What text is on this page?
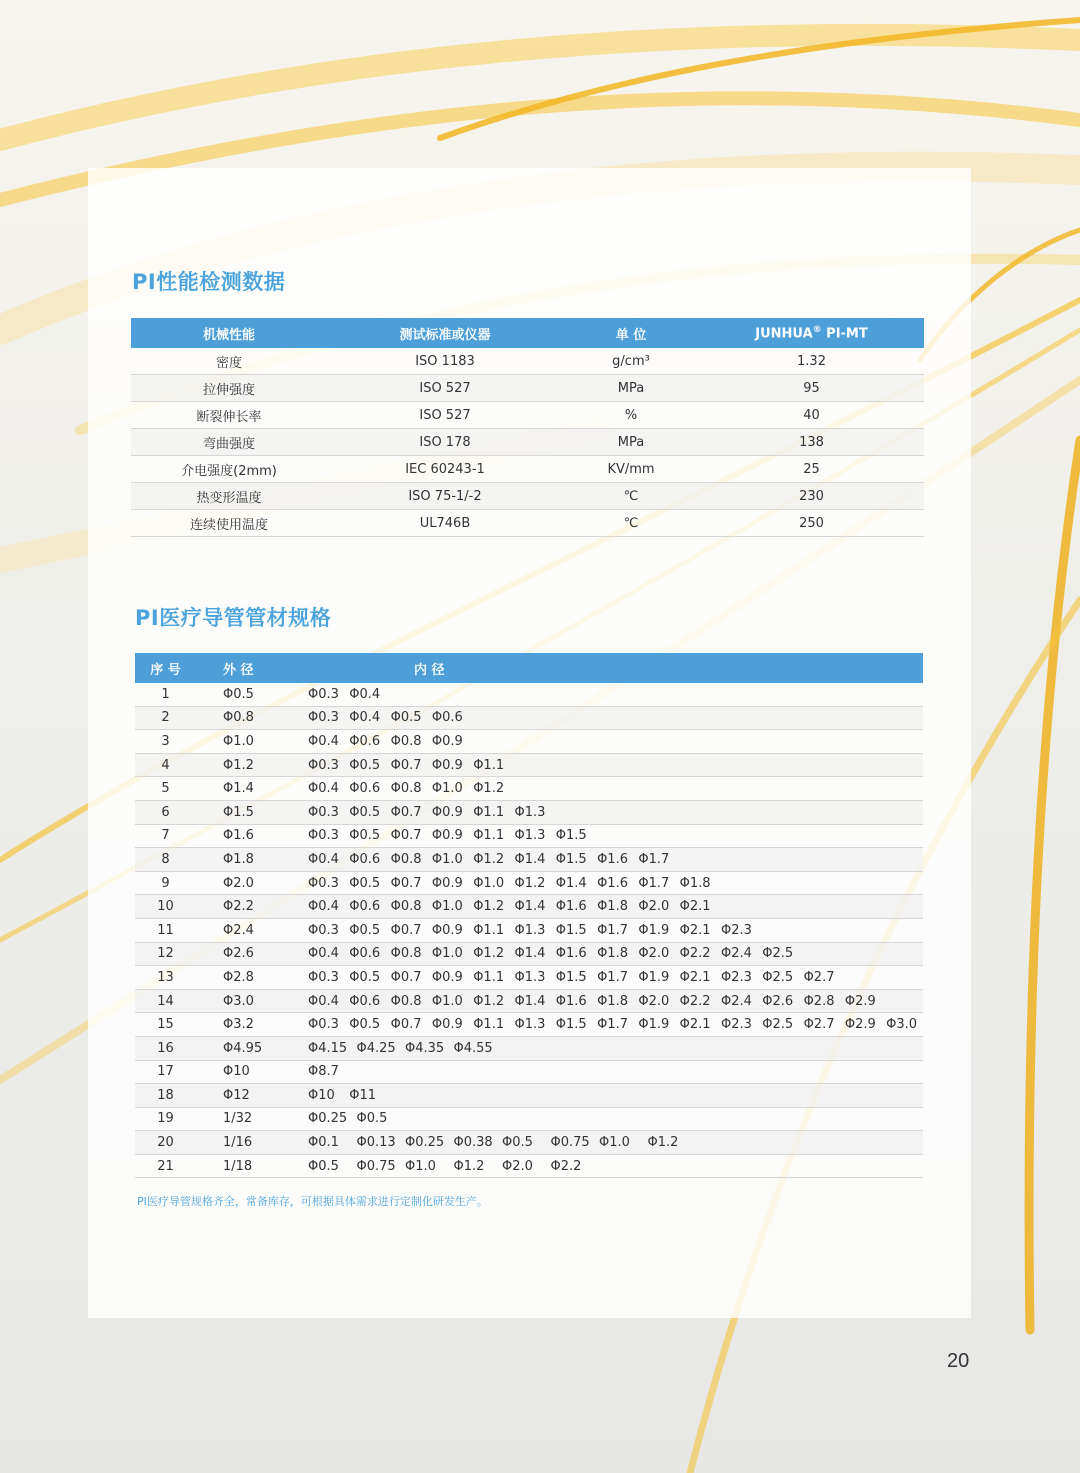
PI性能检测数据
机械性能	测试标准或仪器	单 位	JUNHUA® PI-MT
密度	ISO 1183	g/cm³	1.32
拉伸强度	ISO 527	MPa	95
断裂伸长率	ISO 527	%	40
弯曲强度	ISO 178	MPa	138
介电强度(2mm)	IEC 60243-1	KV/mm	25
热变形温度	ISO 75-1/-2	℃	230
连续使用温度	UL746B	℃	250
PI医疗导管管材规格
序 号	外 径	内 径
1	Φ0.5	Φ0.3 Φ0.4
2	Φ0.8	Φ0.3 Φ0.4 Φ0.5 Φ0.6
3	Φ1.0	Φ0.4 Φ0.6 Φ0.8 Φ0.9
4	Φ1.2	Φ0.3 Φ0.5 Φ0.7 Φ0.9 Φ1.1
5	Φ1.4	Φ0.4 Φ0.6 Φ0.8 Φ1.0 Φ1.2
6	Φ1.5	Φ0.3 Φ0.5 Φ0.7 Φ0.9 Φ1.1 Φ1.3
7	Φ1.6	Φ0.3 Φ0.5 Φ0.7 Φ0.9 Φ1.1 Φ1.3 Φ1.5
8	Φ1.8	Φ0.4 Φ0.6 Φ0.8 Φ1.0 Φ1.2 Φ1.4 Φ1.5 Φ1.6 Φ1.7
9	Φ2.0	Φ0.3 Φ0.5 Φ0.7 Φ0.9 Φ1.0 Φ1.2 Φ1.4 Φ1.6 Φ1.7 Φ1.8
10	Φ2.2	Φ0.4 Φ0.6 Φ0.8 Φ1.0 Φ1.2 Φ1.4 Φ1.6 Φ1.8 Φ2.0 Φ2.1
11	Φ2.4	Φ0.3 Φ0.5 Φ0.7 Φ0.9 Φ1.1 Φ1.3 Φ1.5 Φ1.7 Φ1.9 Φ2.1 Φ2.3
12	Φ2.6	Φ0.4 Φ0.6 Φ0.8 Φ1.0 Φ1.2 Φ1.4 Φ1.6 Φ1.8 Φ2.0 Φ2.2 Φ2.4 Φ2.5
13	Φ2.8	Φ0.3 Φ0.5 Φ0.7 Φ0.9 Φ1.1 Φ1.3 Φ1.5 Φ1.7 Φ1.9 Φ2.1 Φ2.3 Φ2.5 Φ2.7
14	Φ3.0	Φ0.4 Φ0.6 Φ0.8 Φ1.0 Φ1.2 Φ1.4 Φ1.6 Φ1.8 Φ2.0 Φ2.2 Φ2.4 Φ2.6 Φ2.8 Φ2.9
15	Φ3.2	Φ0.3 Φ0.5 Φ0.7 Φ0.9 Φ1.1 Φ1.3 Φ1.5 Φ1.7 Φ1.9 Φ2.1 Φ2.3 Φ2.5 Φ2.7 Φ2.9 Φ3.0
16	Φ4.95	Φ4.15 Φ4.25 Φ4.35 Φ4.55
17	Φ10	Φ8.7
18	Φ12	Φ10 Φ11
19	1/32	Φ0.25 Φ0.5
20	1/16	Φ0.1 Φ0.13 Φ0.25 Φ0.38 Φ0.5 Φ0.75 Φ1.0 Φ1.2
21	1/18	Φ0.5 Φ0.75 Φ1.0 Φ1.2 Φ2.0 Φ2.2

PI医疗导管规格齐全，常备库存，可根据具体需求进行定制化研发生产。

20
